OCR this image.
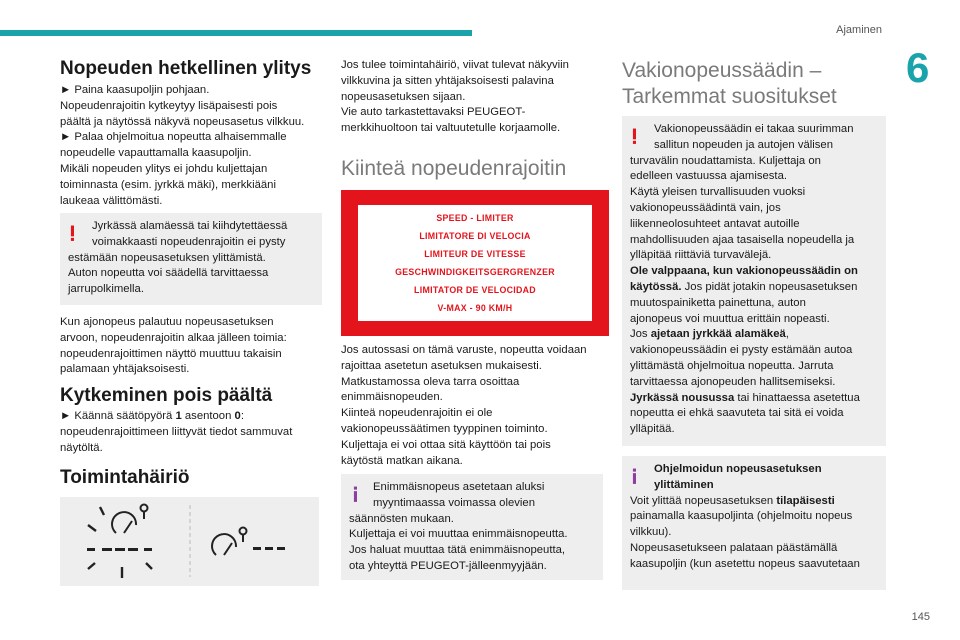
Ajaminen
6
145
Nopeuden hetkellinen ylitys
► Paina kaasupoljin pohjaan.
Nopeudenrajoitin kytkeytyy lisäpaisesti pois
päältä ja näytössä näkyvä nopeusasetus vilkkuu.
► Palaa ohjelmoitua nopeutta alhaisemmalle
nopeudelle vapauttamalla kaasupoljin.
Mikäli nopeuden ylitys ei johdu kuljettajan
toiminnasta (esim. jyrkkä mäki), merkkiääni
laukeaa välittömästi.
Jyrkässä alamäessä tai kiihdytettäessä
voimakkaasti nopeudenrajoitin ei pysty
estämään nopeusasetuksen ylittämistä.
Auton nopeutta voi säädellä tarvittaessa
jarrupolkimella.
Kun ajonopeus palautuu nopeusasetuksen
arvoon, nopeudenrajoitin alkaa jälleen toimia:
nopeudenrajoittimen näyttö muuttuu takaisin
palamaan yhtäjaksoisesti.
Kytkeminen pois päältä
► Käännä säätöpyörä 1 asentoon 0:
nopeudenrajoittimeen liittyvät tiedot sammuvat
näytöltä.
Toimintahäiriö
Jos tulee toimintahäiriö, viivat tulevat näkyviin
vilkkuvina ja sitten yhtäjaksoisesti palavina
nopeusasetuksen sijaan.
Vie auto tarkastettavaksi PEUGEOT-
merkkihuoltoon tai valtuutetulle korjaamolle.
Kiinteä nopeudenrajoitin
Jos autossasi on tämä varuste, nopeutta voidaan
rajoittaa asetetun asetuksen mukaisesti.
Matkustamossa oleva tarra osoittaa
enimmäisnopeuden.
Kiinteä nopeudenrajoitin ei ole
vakionopeussäätimen tyyppinen toiminto.
Kuljettaja ei voi ottaa sitä käyttöön tai pois
käytöstä matkan aikana.
Enimmäisnopeus asetetaan aluksi
myyntimaassa voimassa olevien
säännösten mukaan.
Kuljettaja ei voi muuttaa enimmäisnopeutta.
Jos haluat muuttaa tätä enimmäisnopeutta,
ota yhteyttä PEUGEOT-jälleenmyyjään.
SPEED - LIMITER
LIMITATORE DI VELOCIA
LIMITEUR DE VITESSE
GESCHWINDIGKEITSGERGRENZER
LIMITATOR DE VELOCIDAD
V-MAX - 90 KM/H
Vakionopeussäädin –
Tarkemmat suositukset
Vakionopeussäädin ei takaa suurimman
sallitun nopeuden ja autojen välisen
turvavälin noudattamista. Kuljettaja on
edelleen vastuussa ajamisesta.
Käytä yleisen turvallisuuden vuoksi
vakionopeussäädintä vain, jos
liikenneolosuhteet antavat autoille
mahdollisuuden ajaa tasaisella nopeudella ja
ylläpitää riittäviä turvavälejä.
Ole valppaana, kun vakionopeussäädin on
käytössä. Jos pidät jotakin nopeusasetuksen
muutospainiketta painettuna, auton
ajonopeus voi muuttua erittäin nopeasti.
Jos ajetaan jyrkkää alamäkeä,
vakionopeussäädin ei pysty estämään autoa
ylittämästä ohjelmoitua nopeutta. Jarruta
tarvittaessa ajonopeuden hallitsemiseksi.
Jyrkässä nousussa tai hinattaessa asetettua
nopeutta ei ehkä saavuteta tai sitä ei voida
ylläpitää.
Ohjelmoidun nopeusasetuksen
ylittäminen
Voit ylittää nopeusasetuksen tilapäisesti
painamalla kaasupoljinta (ohjelmoitu nopeus
vilkkuu).
Nopeusasetukseen palataan päästämällä
kaasupoljin (kun asetettu nopeus saavutetaan
